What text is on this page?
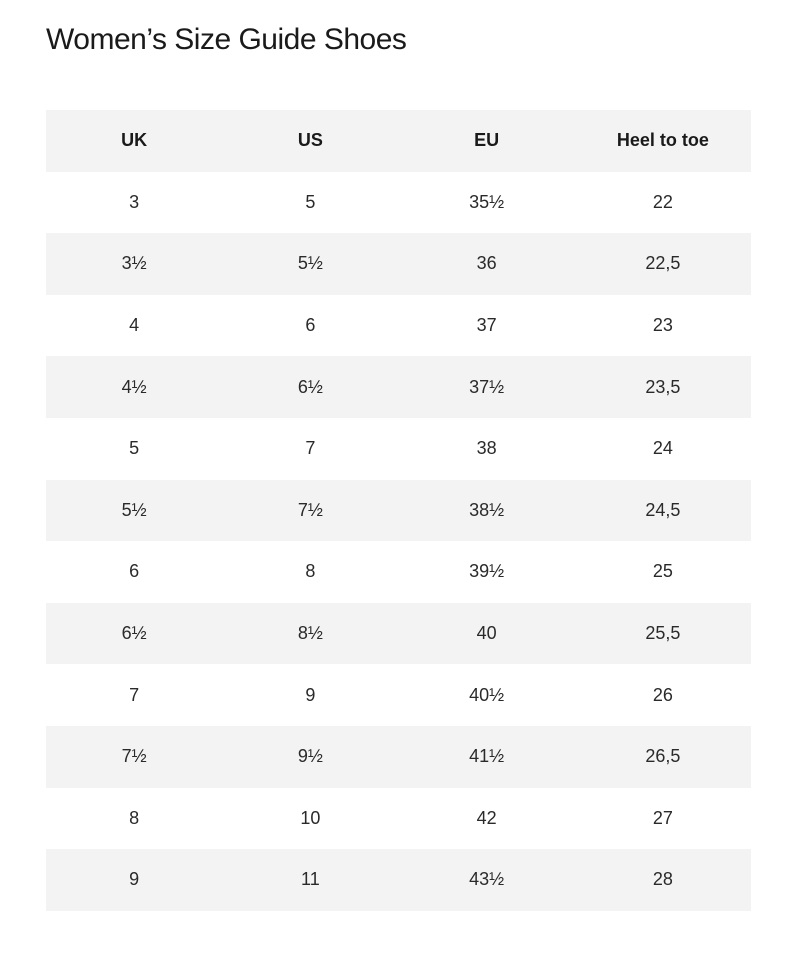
Women’s Size Guide Shoes
UK	US	EU	Heel to toe
3	5	35½	22
3½	5½	36	22,5
4	6	37	23
4½	6½	37½	23,5
5	7	38	24
5½	7½	38½	24,5
6	8	39½	25
6½	8½	40	25,5
7	9	40½	26
7½	9½	41½	26,5
8	10	42	27
9	11	43½	28
